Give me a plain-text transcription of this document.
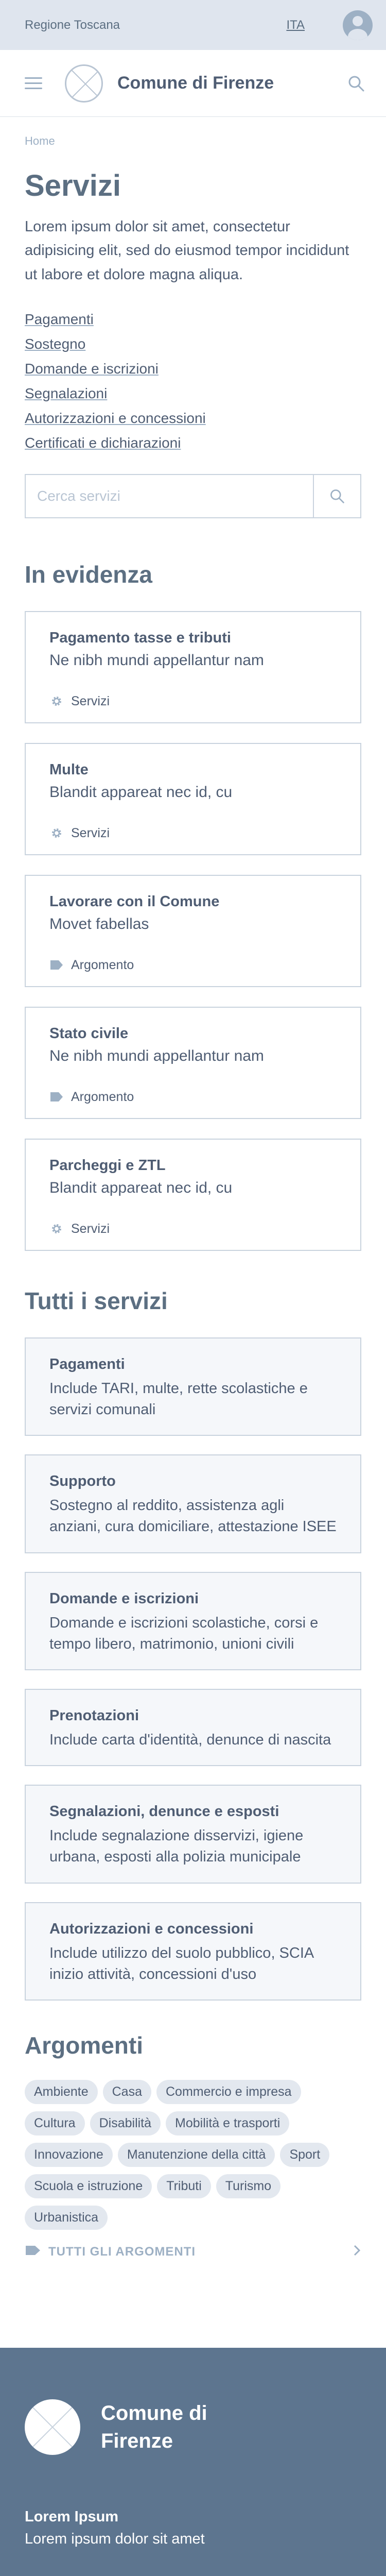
Regione Toscana	ITA
Comune di Firenze
Home
Servizi

Lorem ipsum dolor sit amet, consectetur adipisicing elit, sed do eiusmod tempor incididunt ut labore et dolore magna aliqua.

Pagamenti
Sostegno
Domande e iscrizioni
Segnalazioni
Autorizzazioni e concessioni
Certificati e dichiarazioni
Cerca servizi
In evidenza
Pagamento tasse e tributi
Ne nibh mundi appellantur nam
Servizi
Multe
Blandit appareat nec id, cu
Servizi
Lavorare con il Comune
Movet fabellas
Argomento
Stato civile
Ne nibh mundi appellantur nam
Argomento
Parcheggi e ZTL
Blandit appareat nec id, cu
Servizi
Tutti i servizi
Pagamenti
Include TARI, multe, rette scolastiche e servizi comunali
Supporto
Sostegno al reddito, assistenza agli anziani, cura domiciliare, attestazione ISEE
Domande e iscrizioni
Domande e iscrizioni scolastiche, corsi e tempo libero, matrimonio, unioni civili
Prenotazioni
Include carta d'identità, denunce di nascita
Segnalazioni, denunce e esposti
Include segnalazione disservizi, igiene urbana, esposti alla polizia municipale
Autorizzazioni e concessioni
Include utilizzo del suolo pubblico, SCIA inizio attività, concessioni d'uso
Argomenti
Ambiente	Casa	Commercio e impresa
Cultura	Disabilità	Mobilità e trasporti
Innovazione	Manutenzione della città	Sport
Scuola e istruzione	Tributi	Turismo
Urbanistica
TUTTI GLI ARGOMENTI
Comune di Firenze
Lorem Ipsum
Lorem ipsum dolor sit amet
